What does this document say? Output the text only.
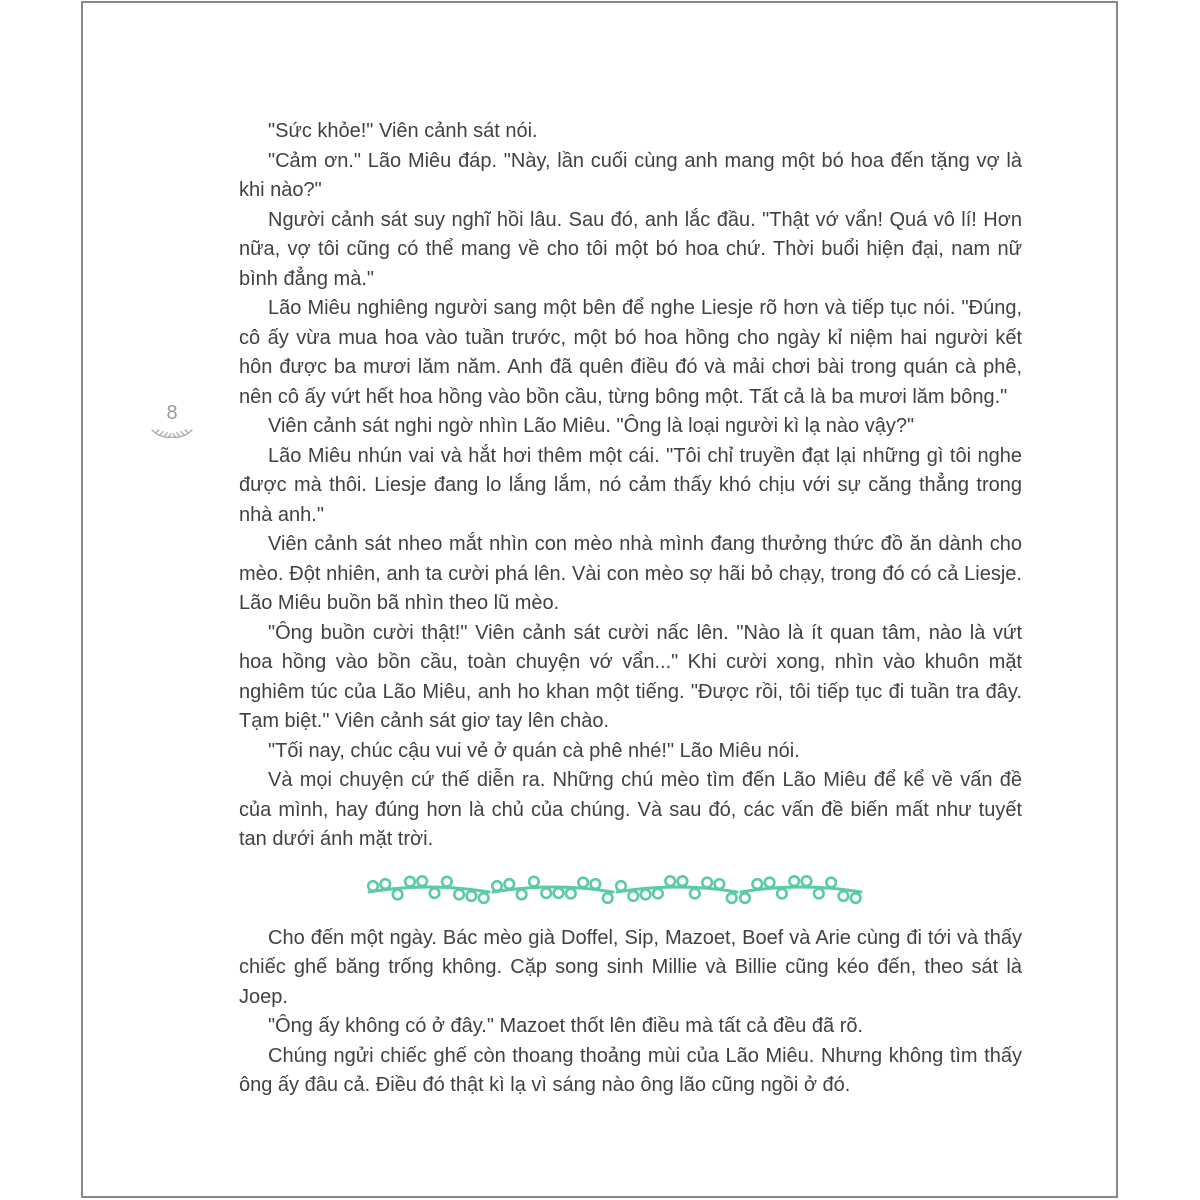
8

"Sức khỏe!" Viên cảnh sát nói.

"Cảm ơn." Lão Miêu đáp. "Này, lần cuối cùng anh mang một bó hoa đến tặng vợ là khi nào?"

Người cảnh sát suy nghĩ hồi lâu. Sau đó, anh lắc đầu. "Thật vớ vẩn! Quá vô lí! Hơn nữa, vợ tôi cũng có thể mang về cho tôi một bó hoa chứ. Thời buổi hiện đại, nam nữ bình đẳng mà."

Lão Miêu nghiêng người sang một bên để nghe Liesje rõ hơn và tiếp tục nói. "Đúng, cô ấy vừa mua hoa vào tuần trước, một bó hoa hồng cho ngày kỉ niệm hai người kết hôn được ba mươi lăm năm. Anh đã quên điều đó và mải chơi bài trong quán cà phê, nên cô ấy vứt hết hoa hồng vào bồn cầu, từng bông một. Tất cả là ba mươi lăm bông."

Viên cảnh sát nghi ngờ nhìn Lão Miêu. "Ông là loại người kì lạ nào vậy?"

Lão Miêu nhún vai và hắt hơi thêm một cái. "Tôi chỉ truyền đạt lại những gì tôi nghe được mà thôi. Liesje đang lo lắng lắm, nó cảm thấy khó chịu với sự căng thẳng trong nhà anh."

Viên cảnh sát nheo mắt nhìn con mèo nhà mình đang thưởng thức đồ ăn dành cho mèo. Đột nhiên, anh ta cười phá lên. Vài con mèo sợ hãi bỏ chạy, trong đó có cả Liesje. Lão Miêu buồn bã nhìn theo lũ mèo.

"Ông buồn cười thật!" Viên cảnh sát cười nấc lên. "Nào là ít quan tâm, nào là vứt hoa hồng vào bồn cầu, toàn chuyện vớ vẩn..." Khi cười xong, nhìn vào khuôn mặt nghiêm túc của Lão Miêu, anh ho khan một tiếng. "Được rồi, tôi tiếp tục đi tuần tra đây. Tạm biệt." Viên cảnh sát giơ tay lên chào.

"Tối nay, chúc cậu vui vẻ ở quán cà phê nhé!" Lão Miêu nói.

Và mọi chuyện cứ thế diễn ra. Những chú mèo tìm đến Lão Miêu để kể về vấn đề của mình, hay đúng hơn là chủ của chúng. Và sau đó, các vấn đề biến mất như tuyết tan dưới ánh mặt trời.

Cho đến một ngày. Bác mèo già Doffel, Sip, Mazoet, Boef và Arie cùng đi tới và thấy chiếc ghế băng trống không. Cặp song sinh Millie và Billie cũng kéo đến, theo sát là Joep.

"Ông ấy không có ở đây." Mazoet thốt lên điều mà tất cả đều đã rõ.

Chúng ngửi chiếc ghế còn thoang thoảng mùi của Lão Miêu. Nhưng không tìm thấy ông ấy đâu cả. Điều đó thật kì lạ vì sáng nào ông lão cũng ngồi ở đó.
